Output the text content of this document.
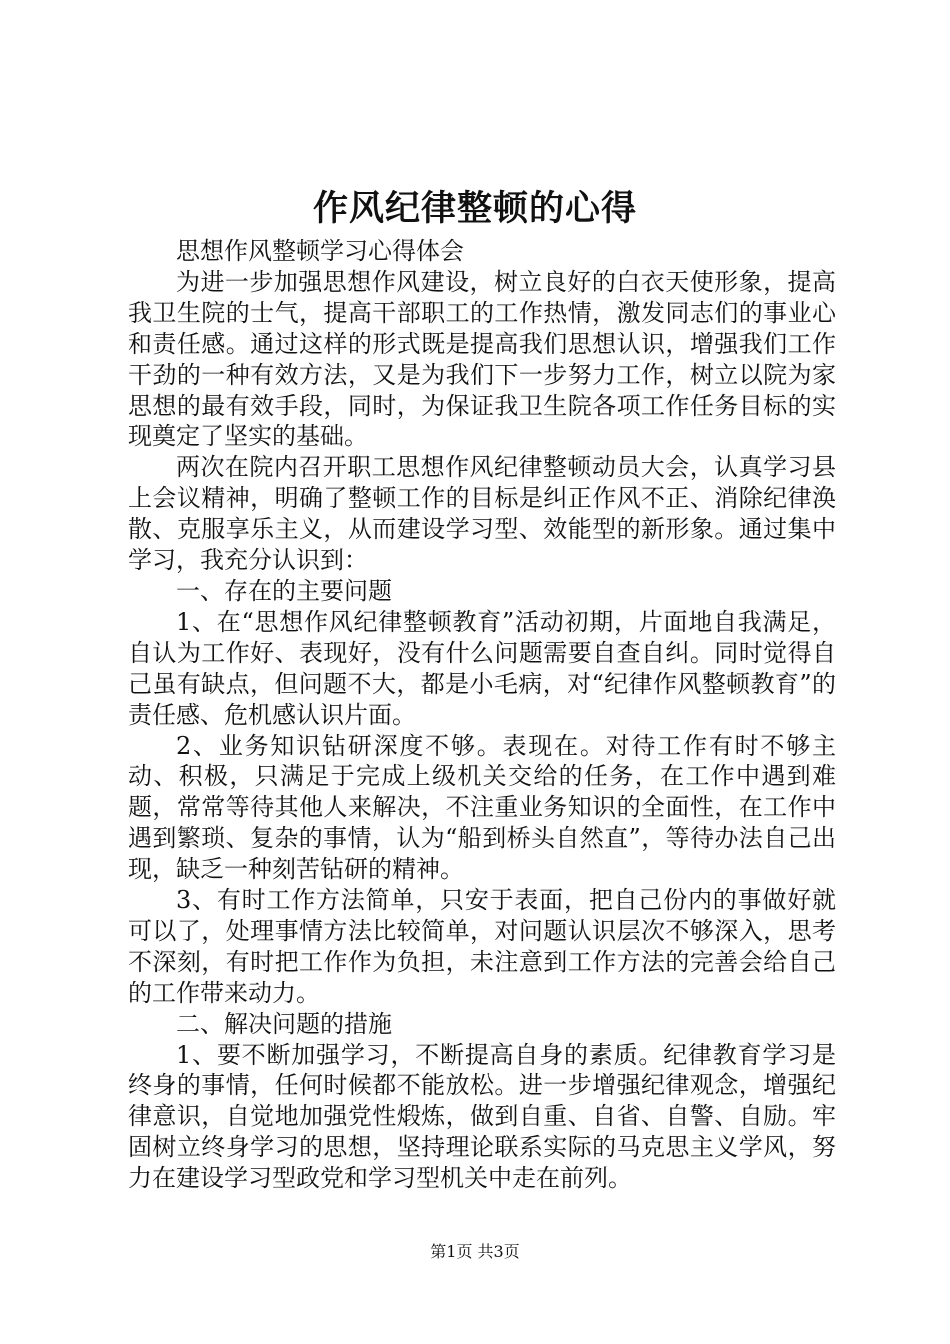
作风纪律整顿的心得

思想作风整顿学习心得体会

为进一步加强思想作风建设，树立良好的白衣天使形象，提高我卫生院的士气，提高干部职工的工作热情，激发同志们的事业心和责任感。通过这样的形式既是提高我们思想认识，增强我们工作干劲的一种有效方法，又是为我们下一步努力工作，树立以院为家思想的最有效手段，同时，为保证我卫生院各项工作任务目标的实现奠定了坚实的基础。

两次在院内召开职工思想作风纪律整顿动员大会，认真学习县上会议精神，明确了整顿工作的目标是纠正作风不正、消除纪律涣散、克服享乐主义，从而建设学习型、效能型的新形象。通过集中学习，我充分认识到：

一、存在的主要问题

1、在“思想作风纪律整顿教育”活动初期，片面地自我满足，自认为工作好、表现好，没有什么问题需要自查自纠。同时觉得自己虽有缺点，但问题不大，都是小毛病，对“纪律作风整顿教育”的责任感、危机感认识片面。

2、业务知识钻研深度不够。表现在。对待工作有时不够主动、积极，只满足于完成上级机关交给的任务，在工作中遇到难题，常常等待其他人来解决，不注重业务知识的全面性，在工作中遇到繁琐、复杂的事情，认为“船到桥头自然直”，等待办法自己出现，缺乏一种刻苦钻研的精神。

3、有时工作方法简单，只安于表面，把自己份内的事做好就可以了，处理事情方法比较简单，对问题认识层次不够深入，思考不深刻，有时把工作作为负担，未注意到工作方法的完善会给自己的工作带来动力。

二、解决问题的措施

1、要不断加强学习，不断提高自身的素质。纪律教育学习是终身的事情，任何时候都不能放松。进一步增强纪律观念，增强纪律意识，自觉地加强党性煅炼，做到自重、自省、自警、自励。牢固树立终身学习的思想，坚持理论联系实际的马克思主义学风，努力在建设学习型政党和学习型机关中走在前列。

第1页 共3页
